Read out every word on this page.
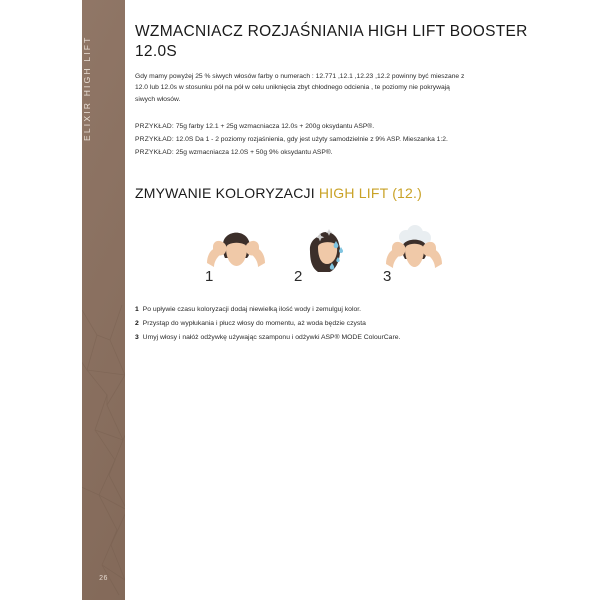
ELIXIR HIGH LIFT
26
WZMACNIACZ ROZJAŚNIANIA HIGH LIFT BOOSTER 12.0S

Gdy mamy powyżej 25 % siwych włosów farby o numerach : 12.771 ,12.1 ,12.23 ,12.2 powinny być mieszane z 12.0 lub 12.0s w stosunku pół na pół w celu uniknięcia zbyt chłodnego odcienia , te poziomy nie pokrywają siwych włosów.

PRZYKŁAD: 75g farby 12.1 + 25g wzmacniacza 12.0s + 200g oksydantu ASP®.
PRZYKŁAD: 12.0S Da 1 - 2 poziomy rozjaśnienia, gdy jest użyty samodzielnie z 9% ASP. Mieszanka 1:2.
PRZYKŁAD: 25g wzmacniacza 12.0S + 50g 9% oksydantu ASP®.
ZMYWANIE KOLORYZACJI HIGH LIFT (12.)
1	2	3
1 Po upływie czasu koloryzacji dodaj niewielką ilość wody i zemulguj kolor.
2 Przystąp do wypłukania i płucz włosy do momentu, aż woda będzie czysta
3 Umyj włosy i nałóż odżywkę używając szamponu i odżywki ASP® MODE ColourCare.
